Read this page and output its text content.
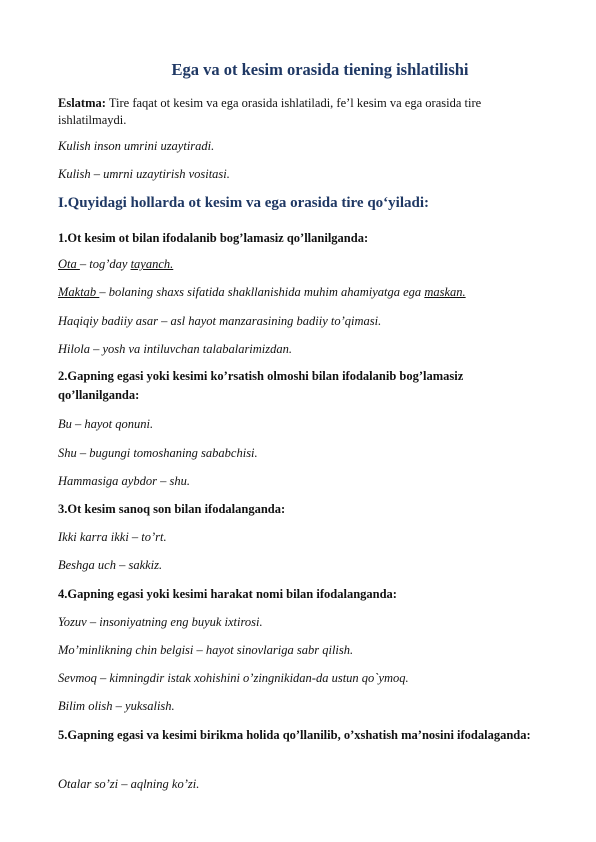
Ega va ot kesim orasida tiening ishlatilishi
Eslatma: Tire faqat ot kesim va ega orasida ishlatiladi, fe’l kesim va ega orasida tire ishlatilmaydi.
Kulish inson umrini uzaytiradi.
Kulish – umrni uzaytirish vositasi.
I.Quyidagi hollarda ot kesim va ega orasida tire qo‘yiladi:
1.Ot kesim ot bilan ifodalanib bog’lamasiz qo’llanilganda:
Ota – tog’day tayanch.
Maktab – bolaning shaxs sifatida shakllanishida muhim ahamiyatga ega maskan.
Haqiqiy badiiy asar – asl hayot manzarasining badiiy to’qimasi.
Hilola – yosh va intiluvchan talabalarimizdan.
2.Gapning egasi yoki kesimi ko’rsatish olmoshi bilan ifodalanib bog’lamasiz qo’llanilganda:
Bu – hayot qonuni.
Shu – bugungi tomoshaning sababchisi.
Hammasiga aybdor – shu.
3.Ot kesim sanoq son bilan ifodalanganda:
Ikki karra ikki – to’rt.
Beshga uch – sakkiz.
4.Gapning egasi yoki kesimi harakat nomi bilan ifodalanganda:
Yozuv – insoniyatning eng buyuk ixtirosi.
Mo’minlikning chin belgisi – hayot sinovlariga sabr qilish.
Sevmoq – kimningdir istak xohishini o’zingnikidan-da ustun qo`ymoq.
Bilim olish – yuksalish.
5.Gapning egasi va kesimi birikma holida qo’llanilib, o’xshatish ma’nosini ifodalaganda:
Otalar so’zi – aqlning ko’zi.
